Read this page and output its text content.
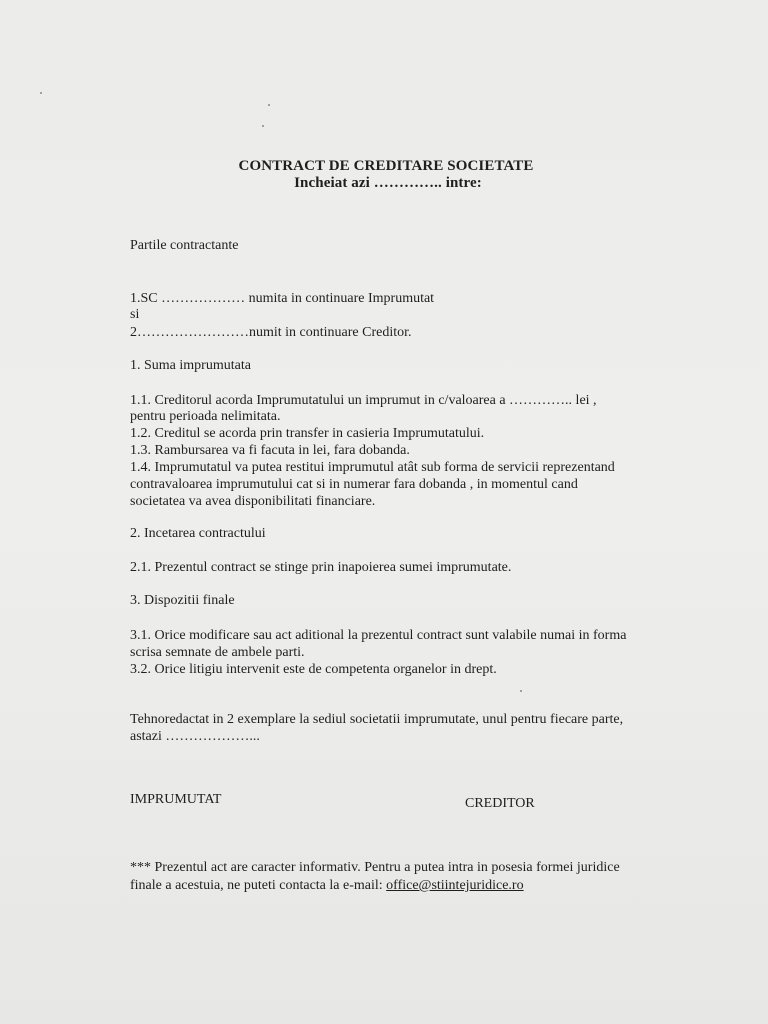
CONTRACT DE CREDITARE SOCIETATE
Incheiat azi ………….. intre:
Partile contractante
1.SC ……………… numita in continuare Imprumutat
si
2……………………numit in continuare Creditor.
1. Suma imprumutata
1.1. Creditorul acorda Imprumutatului un imprumut in c/valoarea a ………….. lei ,
pentru perioada nelimitata.
1.2. Creditul se acorda prin transfer in casieria Imprumutatului.
1.3. Rambursarea va fi facuta in lei, fara dobanda.
1.4. Imprumutatul va putea restitui imprumutul atât sub forma de servicii reprezentand
contravaloarea imprumutului cat si in numerar fara dobanda , in momentul cand
societatea va avea disponibilitati financiare.
2. Incetarea contractului
2.1. Prezentul contract se stinge prin inapoierea sumei imprumutate.
3. Dispozitii finale
3.1. Orice modificare sau act aditional la prezentul contract sunt valabile numai in forma
scrisa semnate de ambele parti.
3.2. Orice litigiu intervenit este de competenta organelor in drept.
Tehnoredactat in 2 exemplare la sediul societatii imprumutate, unul pentru fiecare parte,
astazi ………………...
IMPRUMUTAT	CREDITOR
*** Prezentul act are caracter informativ. Pentru a putea intra in posesia formei juridice
finale a acestuia, ne puteti contacta la e-mail: office@stiintejuridice.ro
